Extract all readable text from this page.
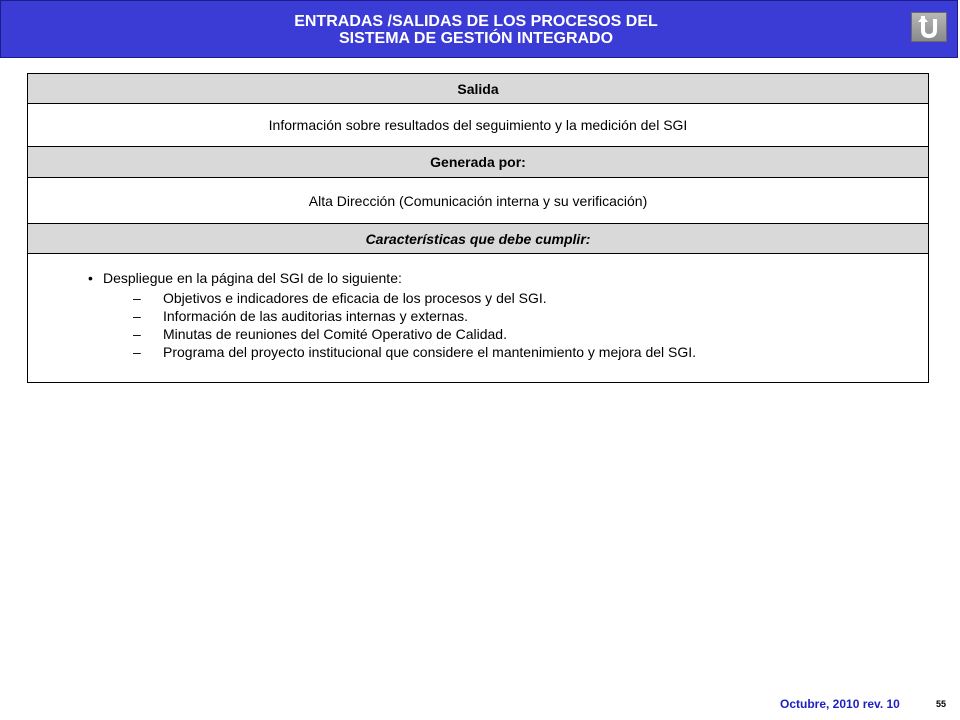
ENTRADAS /SALIDAS DE LOS PROCESOS DEL
SISTEMA DE GESTIÓN INTEGRADO
Salida
Información sobre resultados del seguimiento y la medición del SGI
Generada por:
Alta Dirección (Comunicación interna y su verificación)
Características que debe cumplir:
• Despliegue en la página del SGI de lo siguiente:
– Objetivos e indicadores de eficacia de los procesos y del SGI.
– Información de las auditorias internas y externas.
– Minutas de reuniones del Comité Operativo de Calidad.
– Programa del proyecto institucional que considere el mantenimiento y mejora del SGI.
Octubre, 2010 rev. 10	55
